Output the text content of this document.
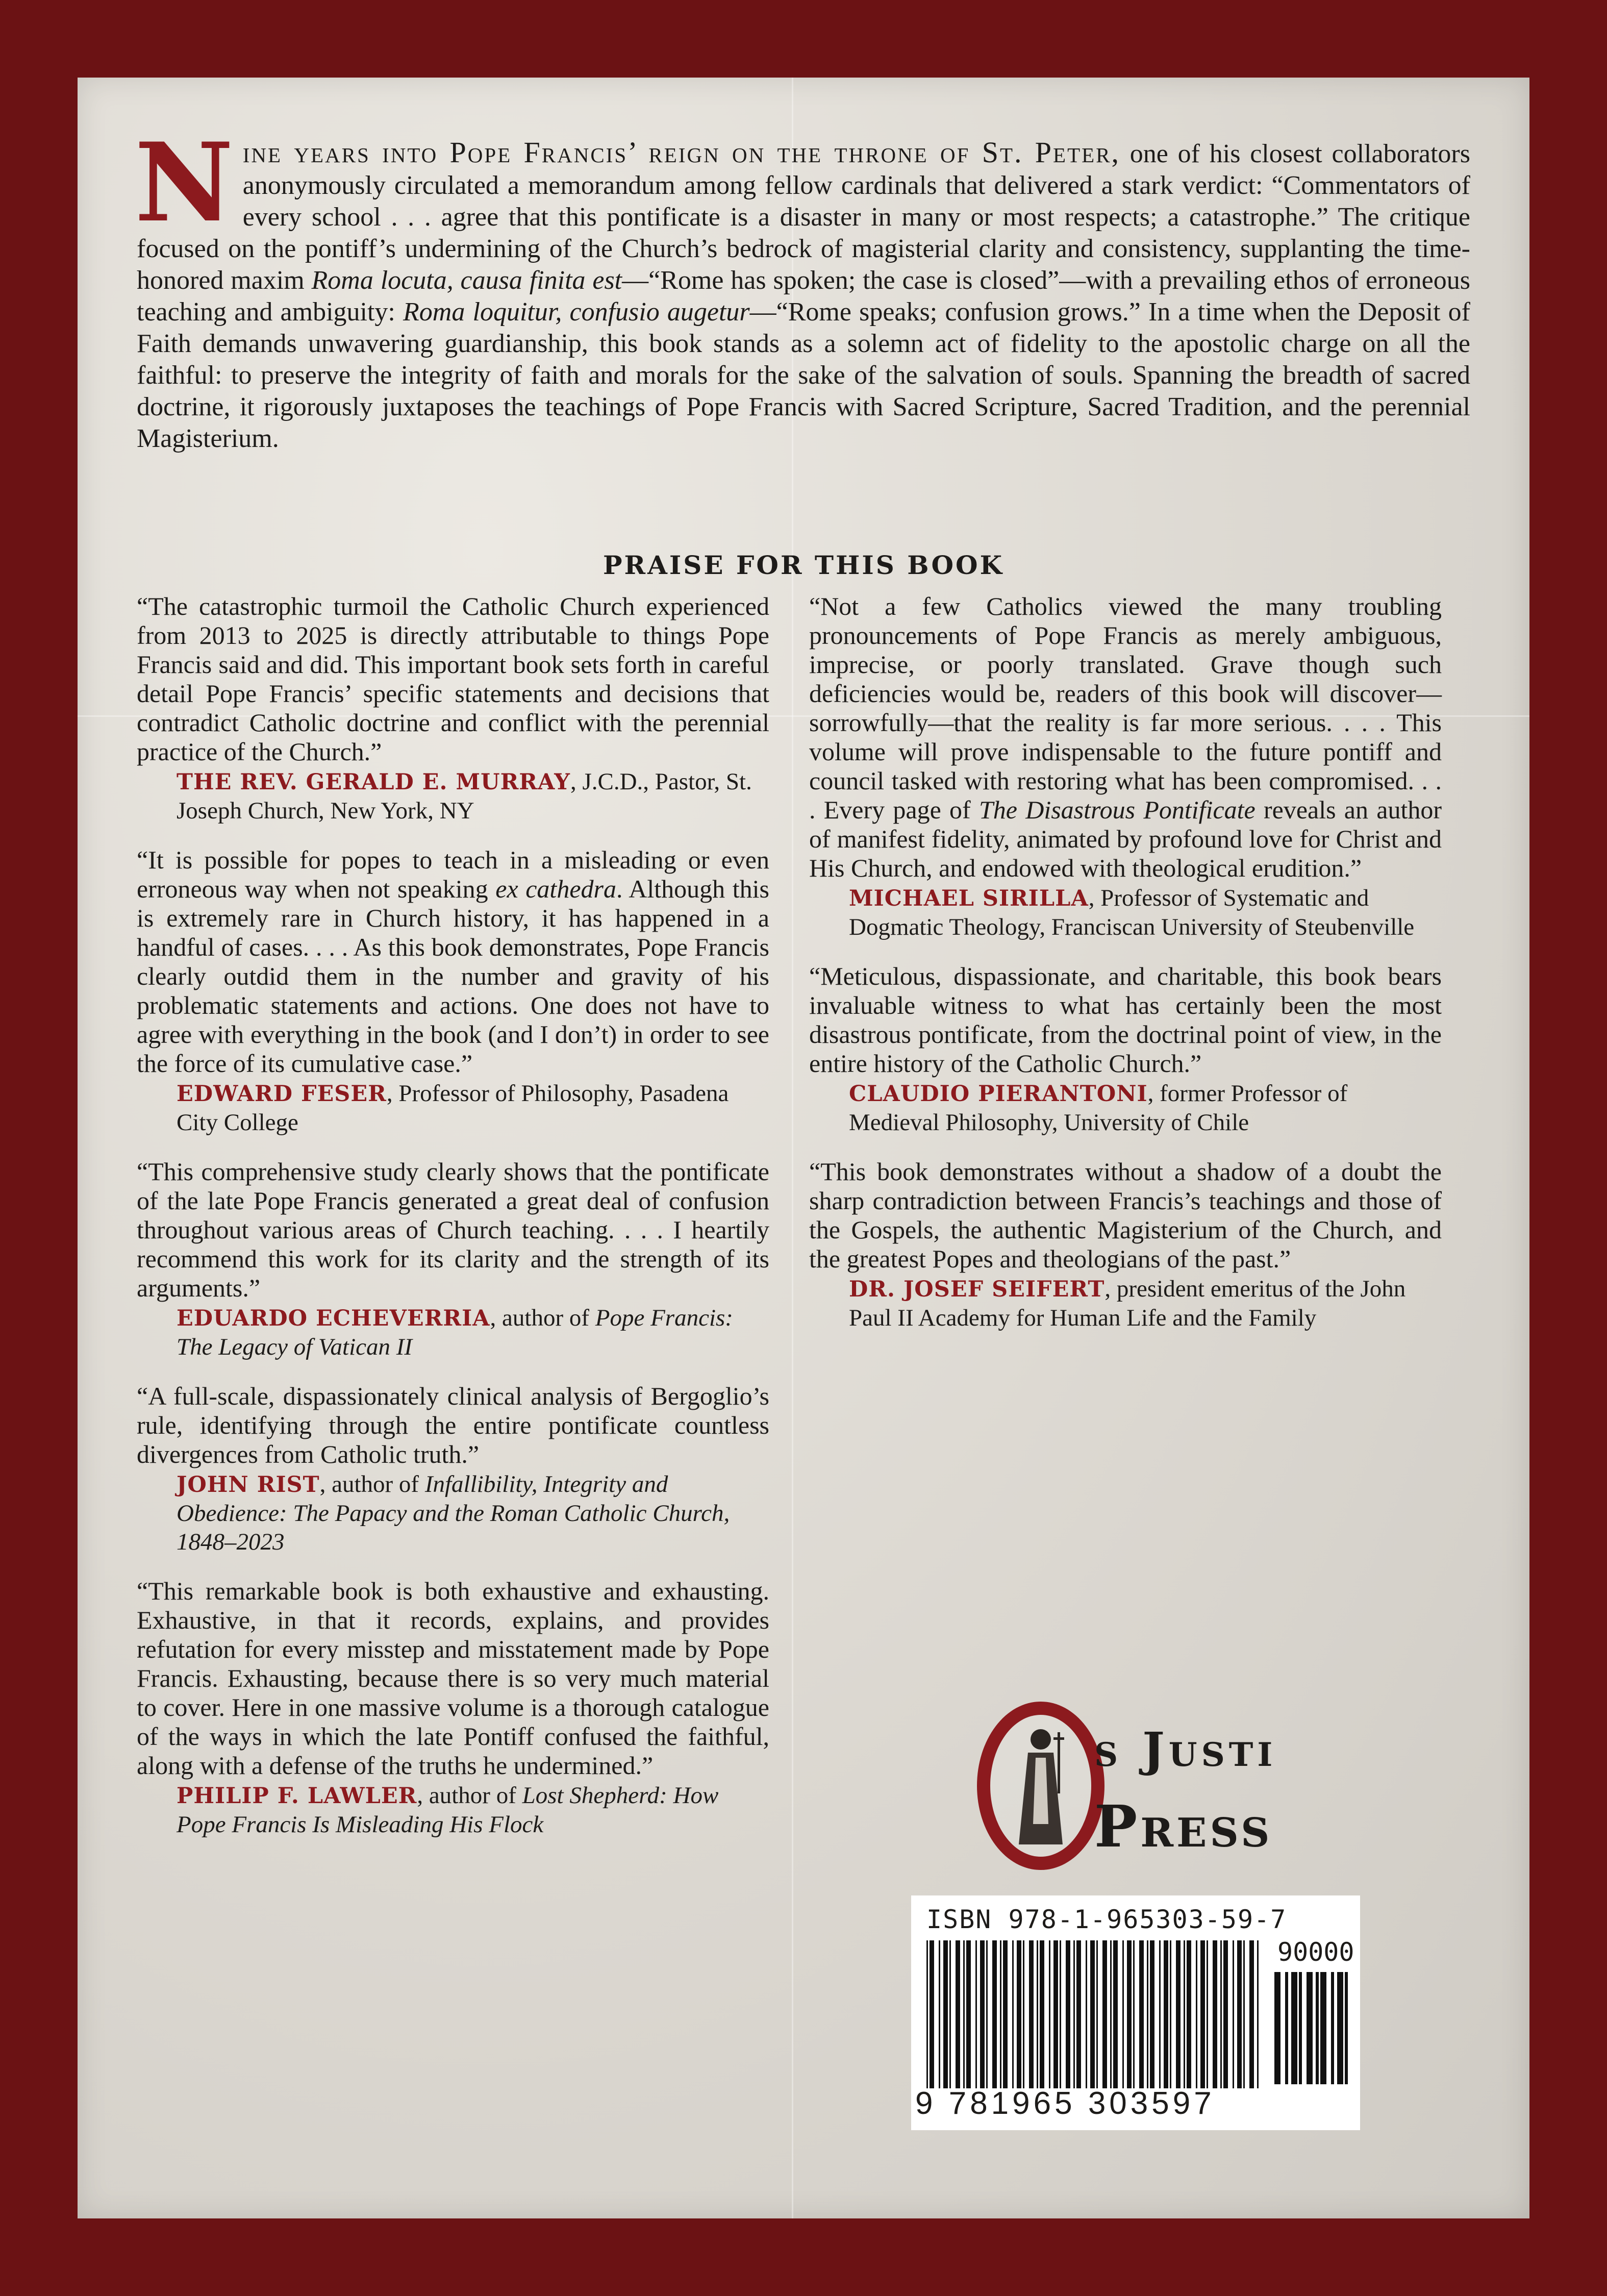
Nine years into Pope Francis’ reign on the throne of St. Peter, one of his closest collaborators anonymously circulated a memorandum among fellow cardinals that delivered a stark verdict: “Commentators of every school . . . agree that this pontificate is a disaster in many or most respects; a catastrophe.” The critique focused on the pontiff’s undermining of the Church’s bedrock of magisterial clarity and consistency, supplanting the time-honored maxim Roma locuta, causa finita est—“Rome has spoken; the case is closed”—with a prevailing ethos of erroneous teaching and ambiguity: Roma loquitur, confusio augetur—“Rome speaks; confusion grows.” In a time when the Deposit of Faith demands unwavering guardianship, this book stands as a solemn act of fidelity to the apostolic charge on all the faithful: to preserve the integrity of faith and morals for the sake of the salvation of souls. Spanning the breadth of sacred doctrine, it rigorously juxtaposes the teachings of Pope Francis with Sacred Scripture, Sacred Tradition, and the perennial Magisterium.
PRAISE FOR THIS BOOK

“The catastrophic turmoil the Catholic Church experienced from 2013 to 2025 is directly attributable to things Pope Francis said and did. This important book sets forth in careful detail Pope Francis’ specific statements and decisions that contradict Catholic doctrine and conflict with the perennial practice of the Church.”

THE REV. GERALD E. MURRAY, J.C.D., Pastor, St. Joseph Church, New York, NY

“It is possible for popes to teach in a misleading or even erroneous way when not speaking ex cathedra. Although this is extremely rare in Church history, it has happened in a handful of cases. . . . As this book demonstrates, Pope Francis clearly outdid them in the number and gravity of his problematic statements and actions. One does not have to agree with everything in the book (and I don’t) in order to see the force of its cumulative case.”

EDWARD FESER, Professor of Philosophy, Pasadena City College

“This comprehensive study clearly shows that the pontificate of the late Pope Francis generated a great deal of confusion throughout various areas of Church teaching. . . . I heartily recommend this work for its clarity and the strength of its arguments.”

EDUARDO ECHEVERRIA, author of Pope Francis: The Legacy of Vatican II

“A full-scale, dispassionately clinical analysis of Bergoglio’s rule, identifying through the entire pontificate countless divergences from Catholic truth.”

JOHN RIST, author of Infallibility, Integrity and Obedience: The Papacy and the Roman Catholic Church, 1848–2023

“This remarkable book is both exhaustive and exhausting. Exhaustive, in that it records, explains, and provides refutation for every misstep and misstatement made by Pope Francis. Exhausting, because there is so very much material to cover. Here in one massive volume is a thorough catalogue of the ways in which the late Pontiff confused the faithful, along with a defense of the truths he undermined.”

PHILIP F. LAWLER, author of Lost Shepherd: How Pope Francis Is Misleading His Flock

“Not a few Catholics viewed the many troubling pronouncements of Pope Francis as merely ambiguous, imprecise, or poorly translated. Grave though such deficiencies would be, readers of this book will discover—sorrowfully—that the reality is far more serious. . . . This volume will prove indispensable to the future pontiff and council tasked with restoring what has been compromised. . . . Every page of The Disastrous Pontificate reveals an author of manifest fidelity, animated by profound love for Christ and His Church, and endowed with theological erudition.”

MICHAEL SIRILLA, Professor of Systematic and Dogmatic Theology, Franciscan University of Steubenville

“Meticulous, dispassionate, and charitable, this book bears invaluable witness to what has certainly been the most disastrous pontificate, from the doctrinal point of view, in the entire history of the Catholic Church.”

CLAUDIO PIERANTONI, former Professor of Medieval Philosophy, University of Chile

“This book demonstrates without a shadow of a doubt the sharp contradiction between Francis’s teachings and those of the Gospels, the authentic Magisterium of the Church, and the greatest Popes and theologians of the past.”

DR. JOSEF SEIFERT, president emeritus of the John Paul II Academy for Human Life and the Family

s Justi
Press
ISBN 978-1-965303-59-7
90000
9 781965 303597
